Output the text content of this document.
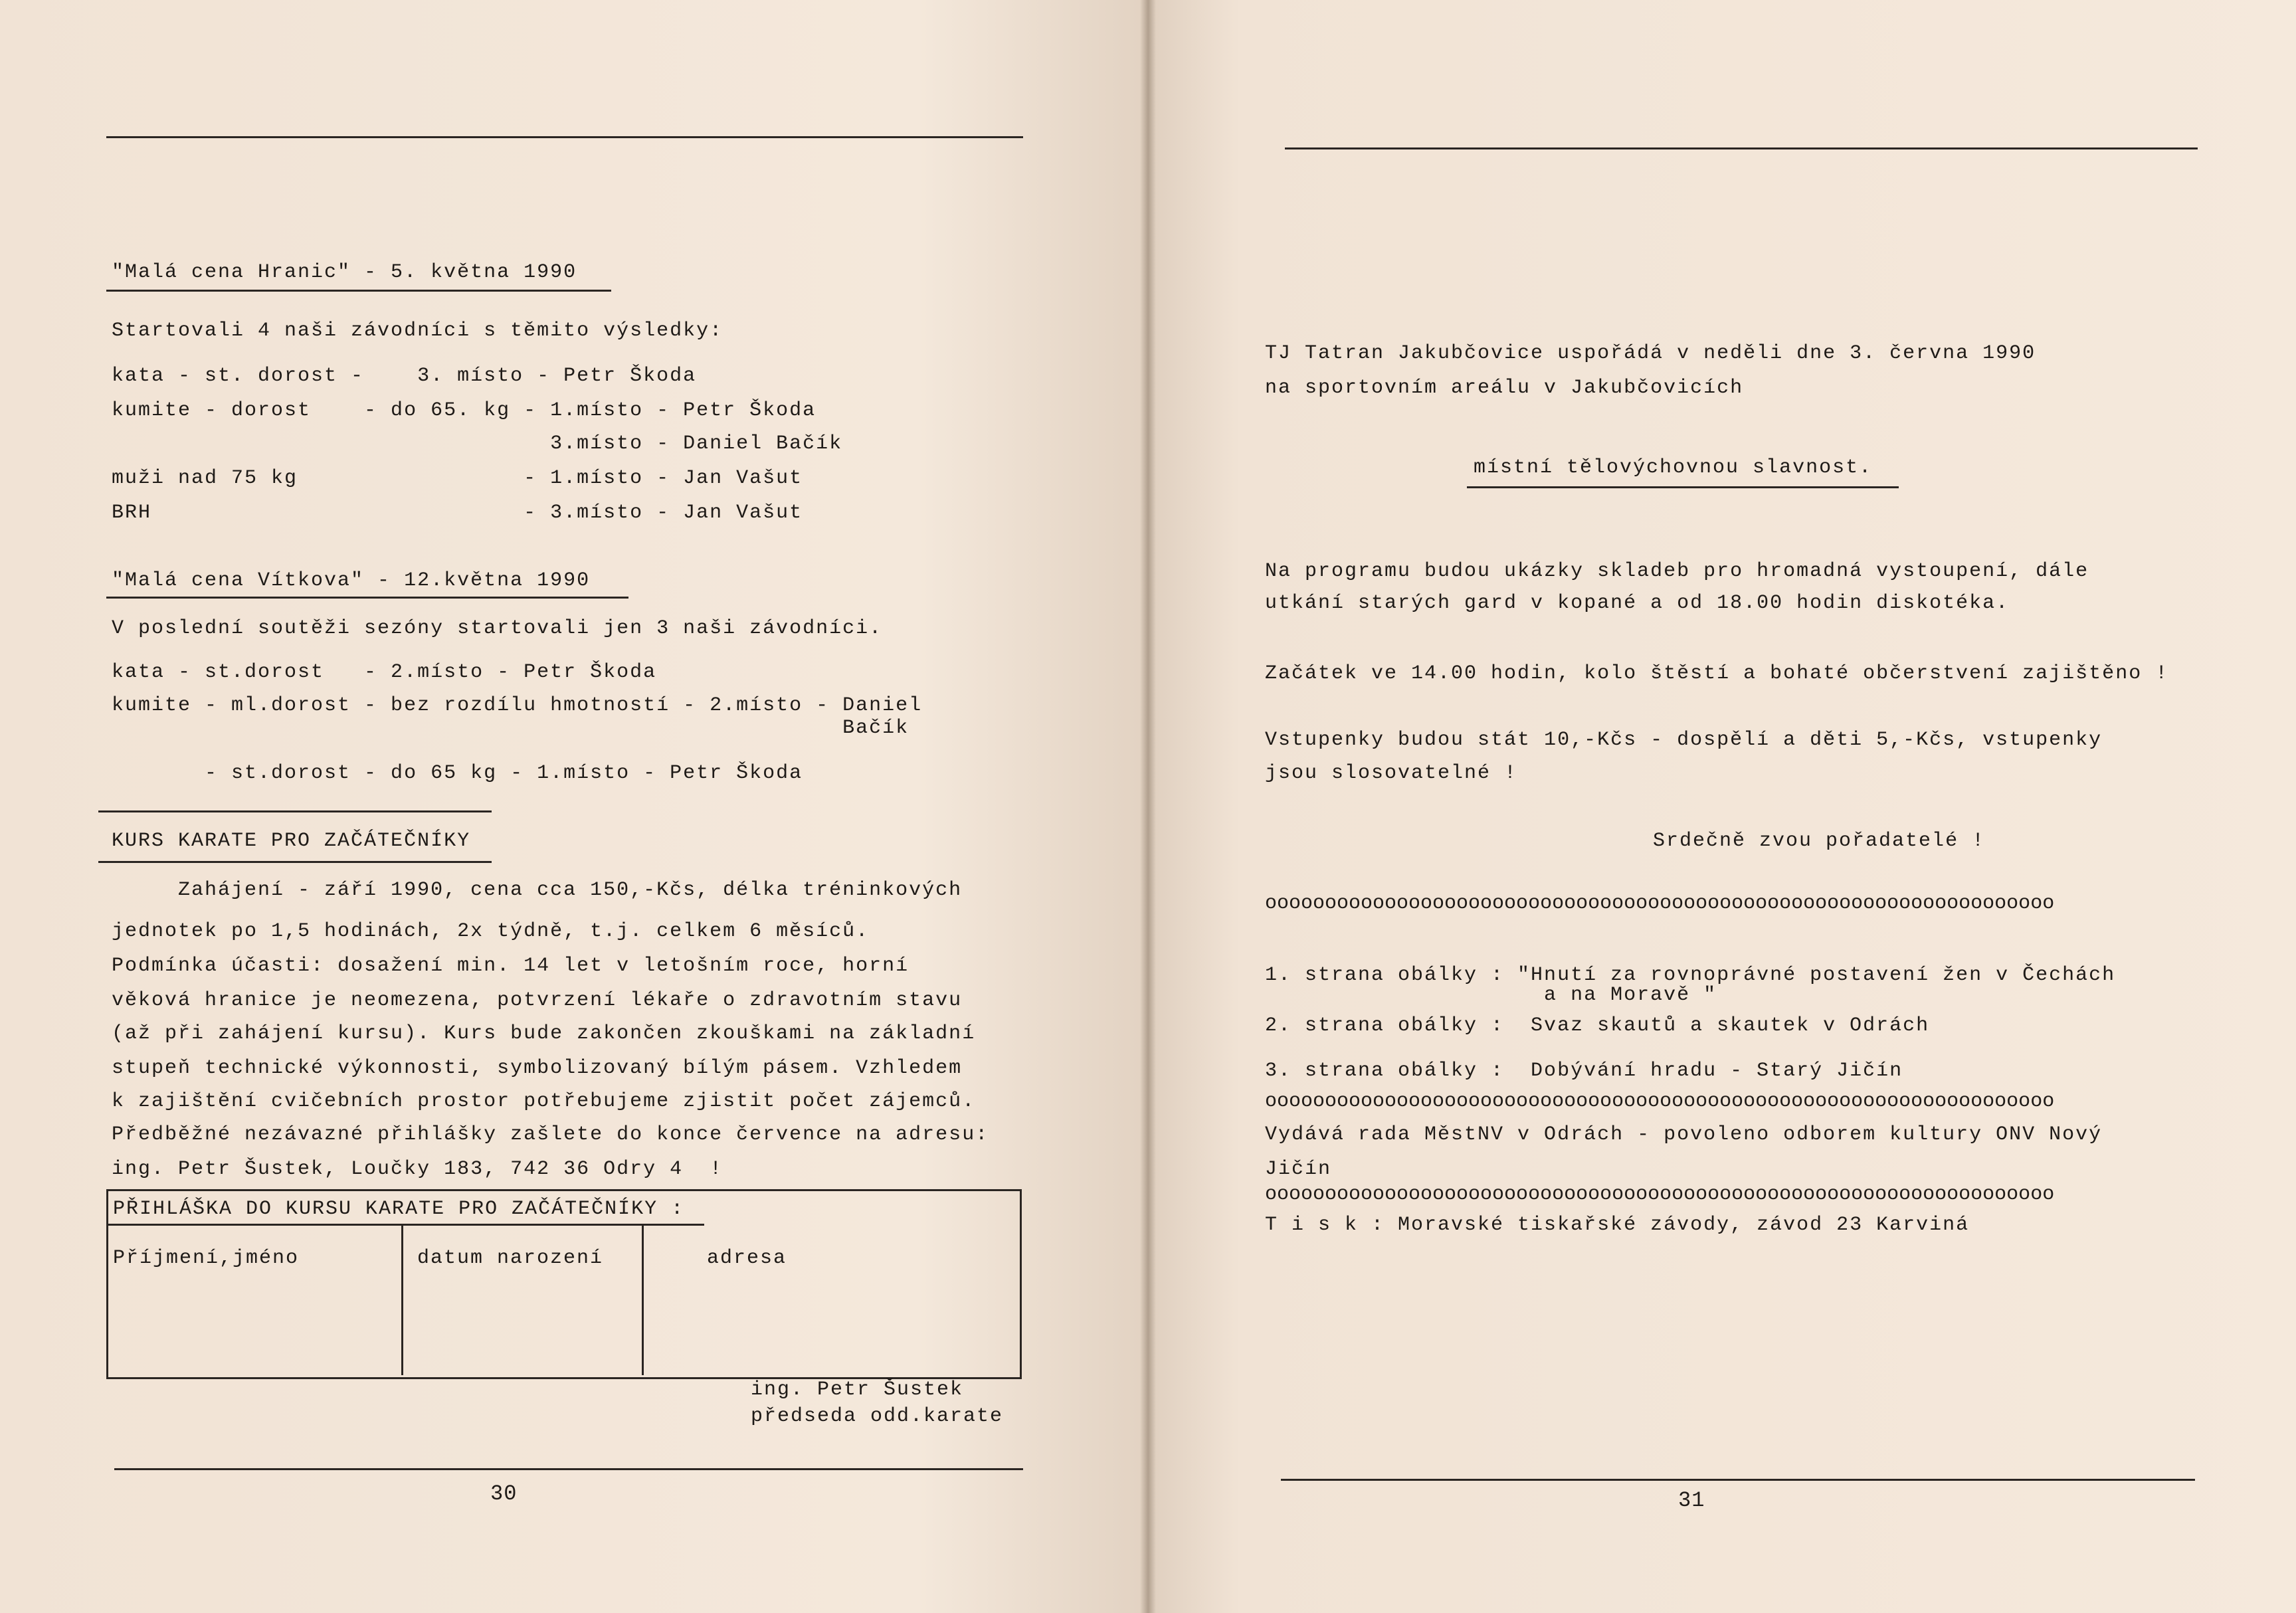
"Malá cena Hranic" - 5. května 1990
Startovali 4 naši závodníci s těmito výsledky:
kata - st. dorost -    3. místo - Petr Škoda
kumite - dorost    - do 65. kg - 1.místo - Petr Škoda
3.místo - Daniel Bačík
muži nad 75 kg                 - 1.místo - Jan Vašut
BRH                            - 3.místo - Jan Vašut
"Malá cena Vítkova" - 12.května 1990
V poslední soutěži sezóny startovali jen 3 naši závodníci.
kata - st.dorost   - 2.místo - Petr Škoda
kumite - ml.dorost - bez rozdílu hmotností - 2.místo - Daniel
Bačík
- st.dorost - do 65 kg - 1.místo - Petr Škoda
KURS KARATE PRO ZAČÁTEČNÍKY
Zahájení - září 1990, cena cca 150,-Kčs, délka tréninkových
jednotek po 1,5 hodinách, 2x týdně, t.j. celkem 6 měsíců.
Podmínka účasti: dosažení min. 14 let v letošním roce, horní
věková hranice je neomezena, potvrzení lékaře o zdravotním stavu
(až při zahájení kursu). Kurs bude zakončen zkouškami na základní
stupeň technické výkonnosti, symbolizovaný bílým pásem. Vzhledem
k zajištění cvičebních prostor potřebujeme zjistit počet zájemců.
Předběžné nezávazné přihlášky zašlete do konce července na adresu:
ing. Petr Šustek, Loučky 183, 742 36 Odry 4  !
PŘIHLÁŠKA DO KURSU KARATE PRO ZAČÁTEČNÍKY :
Příjmení,jméno	datum narození	adresa
ing. Petr Šustek
předseda odd.karate
30
TJ Tatran Jakubčovice uspořádá v neděli dne 3. června 1990
na sportovním areálu v Jakubčovicích
místní tělovýchovnou slavnost.
Na programu budou ukázky skladeb pro hromadná vystoupení, dále
utkání starých gard v kopané a od 18.00 hodin diskotéka.
Začátek ve 14.00 hodin, kolo štěstí a bohaté občerstvení zajištěno !
Vstupenky budou stát 10,-Kčs - dospělí a děti 5,-Kčs, vstupenky
jsou slosovatelné !
Srdečně zvou pořadatelé !
oooooooooooooooooooooooooooooooooooooooooooooooooooooooooooooooooo
1. strana obálky : "Hnutí za rovnoprávné postavení žen v Čechách
a na Moravě "
2. strana obálky :  Svaz skautů a skautek v Odrách
3. strana obálky :  Dobývání hradu - Starý Jičín
oooooooooooooooooooooooooooooooooooooooooooooooooooooooooooooooooo
Vydává rada MěstNV v Odrách - povoleno odborem kultury ONV Nový
Jičín
oooooooooooooooooooooooooooooooooooooooooooooooooooooooooooooooooo
T i s k : Moravské tiskařské závody, závod 23 Karviná
31
